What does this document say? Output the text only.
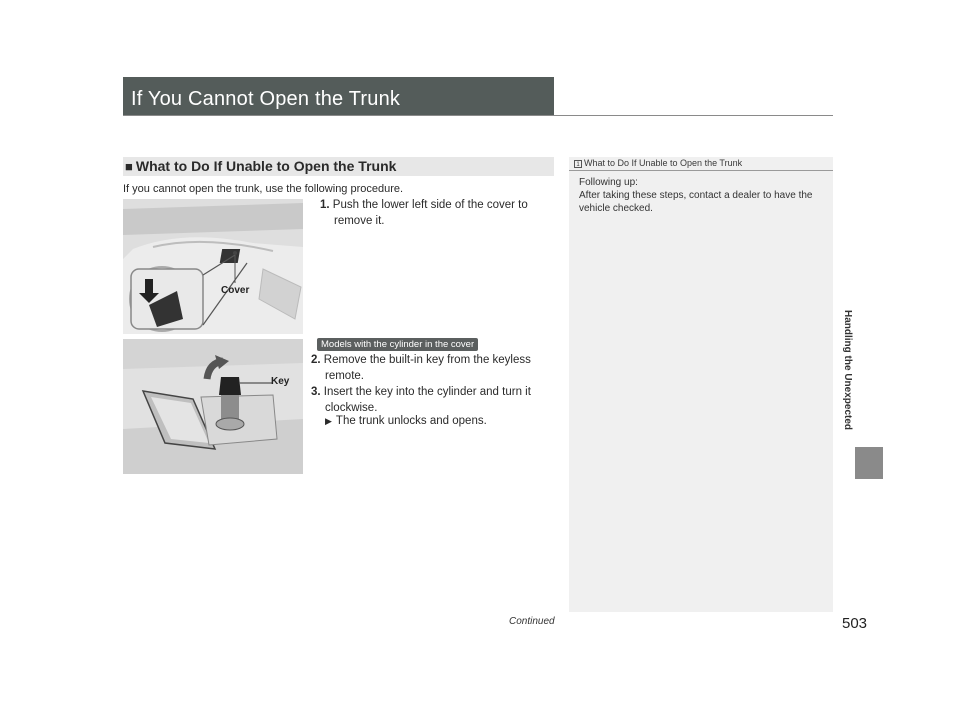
If You Cannot Open the Trunk
■ What to Do If Unable to Open the Trunk
If you cannot open the trunk, use the following procedure.
Cover
1. Push the lower left side of the cover to
remove it.
Models with the cylinder in the cover
Key
2. Remove the built-in key from the keyless
remote.
3. Insert the key into the cylinder and turn it
clockwise.
▶ The trunk unlocks and opens.
1 What to Do If Unable to Open the Trunk
Following up:
After taking these steps, contact a dealer to have the vehicle checked.
Handling the Unexpected
Continued	503
